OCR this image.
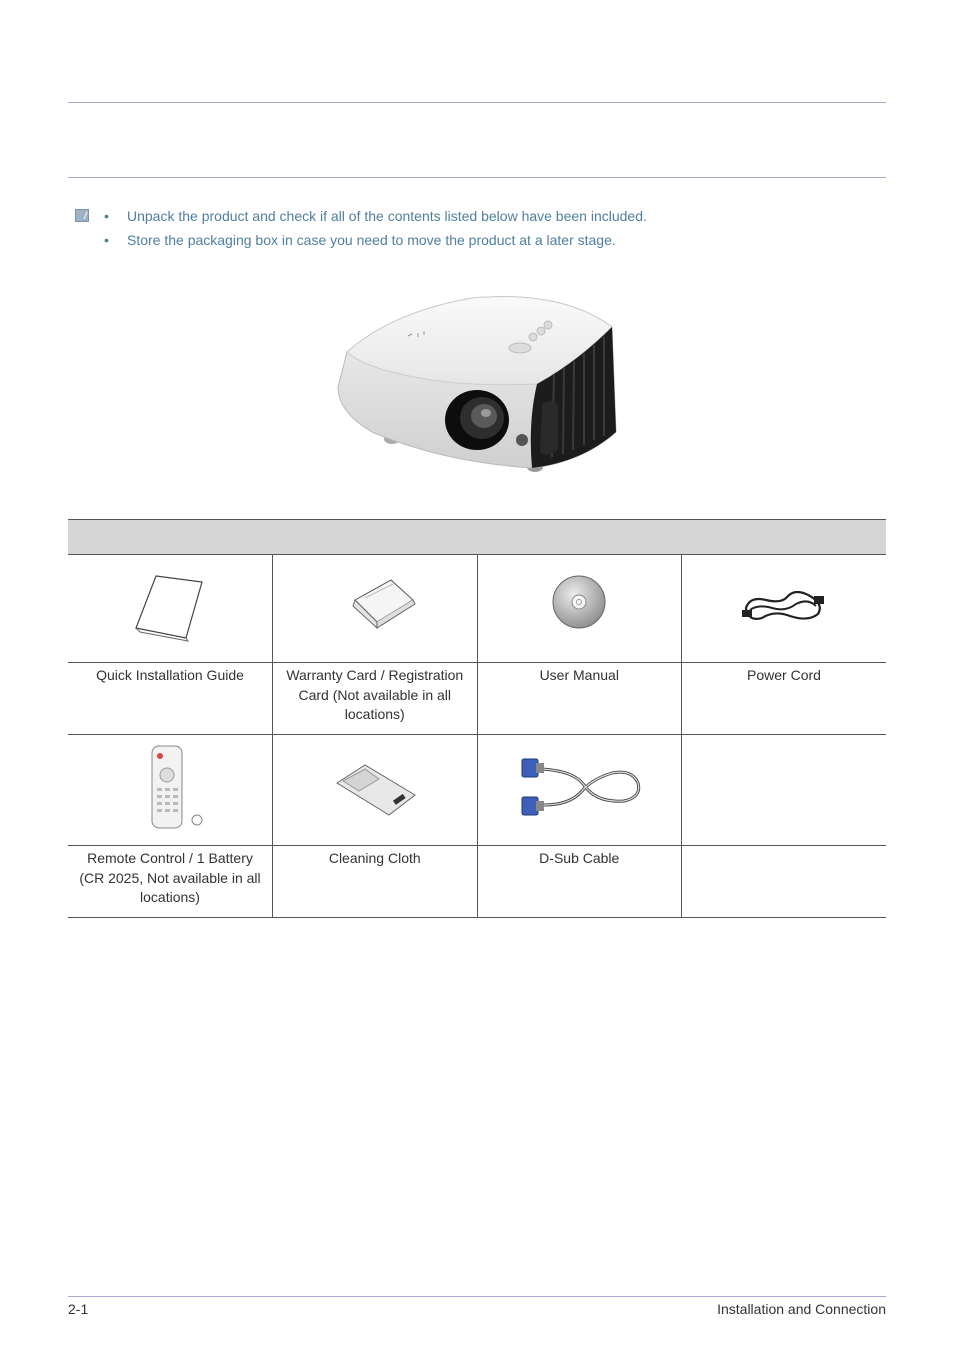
• Unpack the product and check if all of the contents listed below have been included.
• Store the packaging box in case you need to move the product at a later stage.

Quick Installation Guide	Warranty Card / Registration Card (Not available in all locations)	User Manual	Power Cord

Remote Control / 1 Battery (CR 2025, Not available in all locations)	Cleaning Cloth	D-Sub Cable	
2-1	Installation and Connection
